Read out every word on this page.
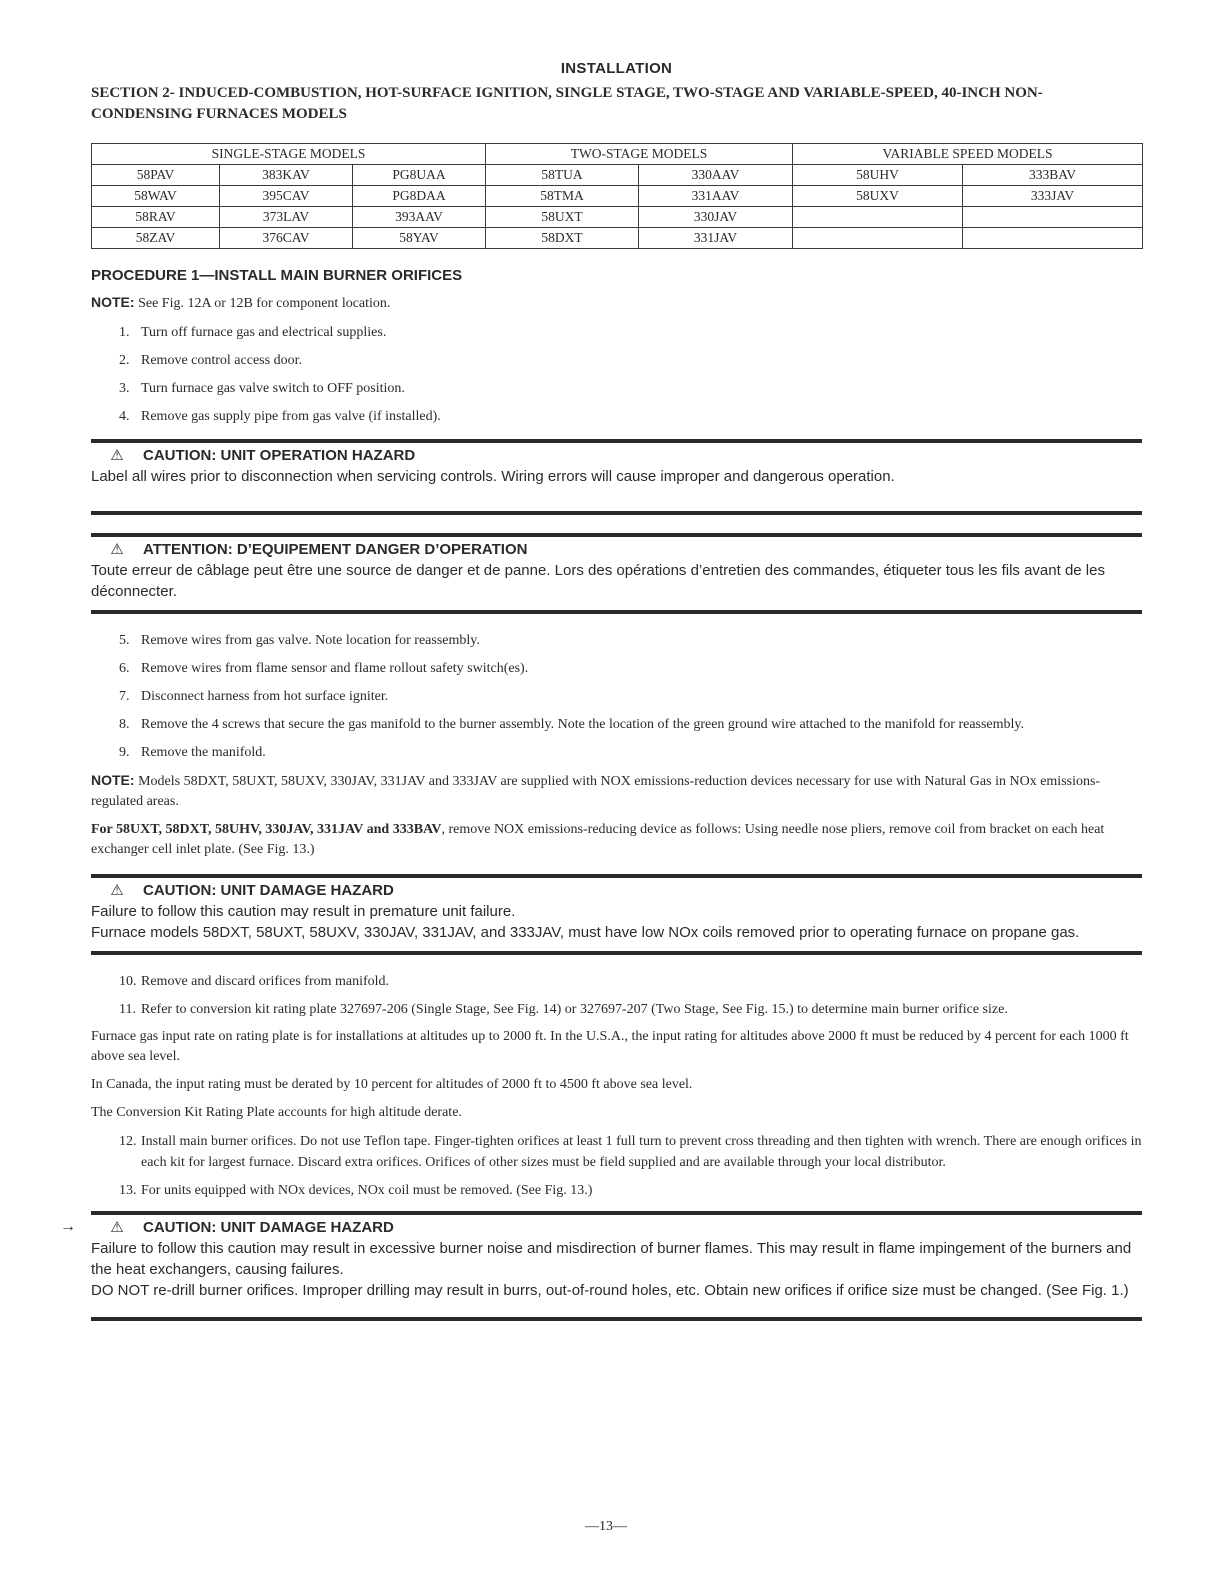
INSTALLATION
SECTION 2- INDUCED-COMBUSTION, HOT-SURFACE IGNITION, SINGLE STAGE, TWO-STAGE AND VARIABLE-SPEED, 40-INCH NON-CONDENSING FURNACES MODELS
SINGLE-STAGE MODELS			TWO-STAGE MODELS		VARIABLE SPEED MODELS	
58PAV	383KAV	PG8UAA	58TUA	330AAV	58UHV	333BAV
58WAV	395CAV	PG8DAA	58TMA	331AAV	58UXV	333JAV
58RAV	373LAV	393AAV	58UXT	330JAV		
58ZAV	376CAV	58YAV	58DXT	331JAV		
PROCEDURE 1—INSTALL MAIN BURNER ORIFICES
NOTE: See Fig. 12A or 12B for component location.
1. Turn off furnace gas and electrical supplies.
2. Remove control access door.
3. Turn furnace gas valve switch to OFF position.
4. Remove gas supply pipe from gas valve (if installed).
⚠	CAUTION: UNIT OPERATION HAZARD
Label all wires prior to disconnection when servicing controls. Wiring errors will cause improper and dangerous operation.
⚠	ATTENTION: D’EQUIPEMENT DANGER D’OPERATION
Toute erreur de câblage peut être une source de danger et de panne. Lors des opérations d’entretien des commandes, étiqueter tous les fils avant de les déconnecter.
5. Remove wires from gas valve. Note location for reassembly.
6. Remove wires from flame sensor and flame rollout safety switch(es).
7. Disconnect harness from hot surface igniter.
8. Remove the 4 screws that secure the gas manifold to the burner assembly. Note the location of the green ground wire attached to the manifold for reassembly.
9. Remove the manifold.
NOTE: Models 58DXT, 58UXT, 58UXV, 330JAV, 331JAV and 333JAV are supplied with NOX emissions-reduction devices necessary for use with Natural Gas in NOx emissions-regulated areas.
For 58UXT, 58DXT, 58UHV, 330JAV, 331JAV and 333BAV, remove NOX emissions-reducing device as follows: Using needle nose pliers, remove coil from bracket on each heat exchanger cell inlet plate. (See Fig. 13.)
⚠	CAUTION: UNIT DAMAGE HAZARD
Failure to follow this caution may result in premature unit failure.
Furnace models 58DXT, 58UXT, 58UXV, 330JAV, 331JAV, and 333JAV, must have low NOx coils removed prior to operating furnace on propane gas.
10. Remove and discard orifices from manifold.
11. Refer to conversion kit rating plate 327697-206 (Single Stage, See Fig. 14) or 327697-207 (Two Stage, See Fig. 15.) to determine main burner orifice size.
Furnace gas input rate on rating plate is for installations at altitudes up to 2000 ft. In the U.S.A., the input rating for altitudes above 2000 ft must be reduced by 4 percent for each 1000 ft above sea level.
In Canada, the input rating must be derated by 10 percent for altitudes of 2000 ft to 4500 ft above sea level.
The Conversion Kit Rating Plate accounts for high altitude derate.
12. Install main burner orifices. Do not use Teflon tape. Finger-tighten orifices at least 1 full turn to prevent cross threading and then tighten with wrench. There are enough orifices in each kit for largest furnace. Discard extra orifices. Orifices of other sizes must be field supplied and are available through your local distributor.
13. For units equipped with NOx devices, NOx coil must be removed. (See Fig. 13.)
→	⚠	CAUTION: UNIT DAMAGE HAZARD
Failure to follow this caution may result in excessive burner noise and misdirection of burner flames. This may result in flame impingement of the burners and the heat exchangers, causing failures.
DO NOT re-drill burner orifices. Improper drilling may result in burrs, out-of-round holes, etc. Obtain new orifices if orifice size must be changed. (See Fig. 1.)
—13—
